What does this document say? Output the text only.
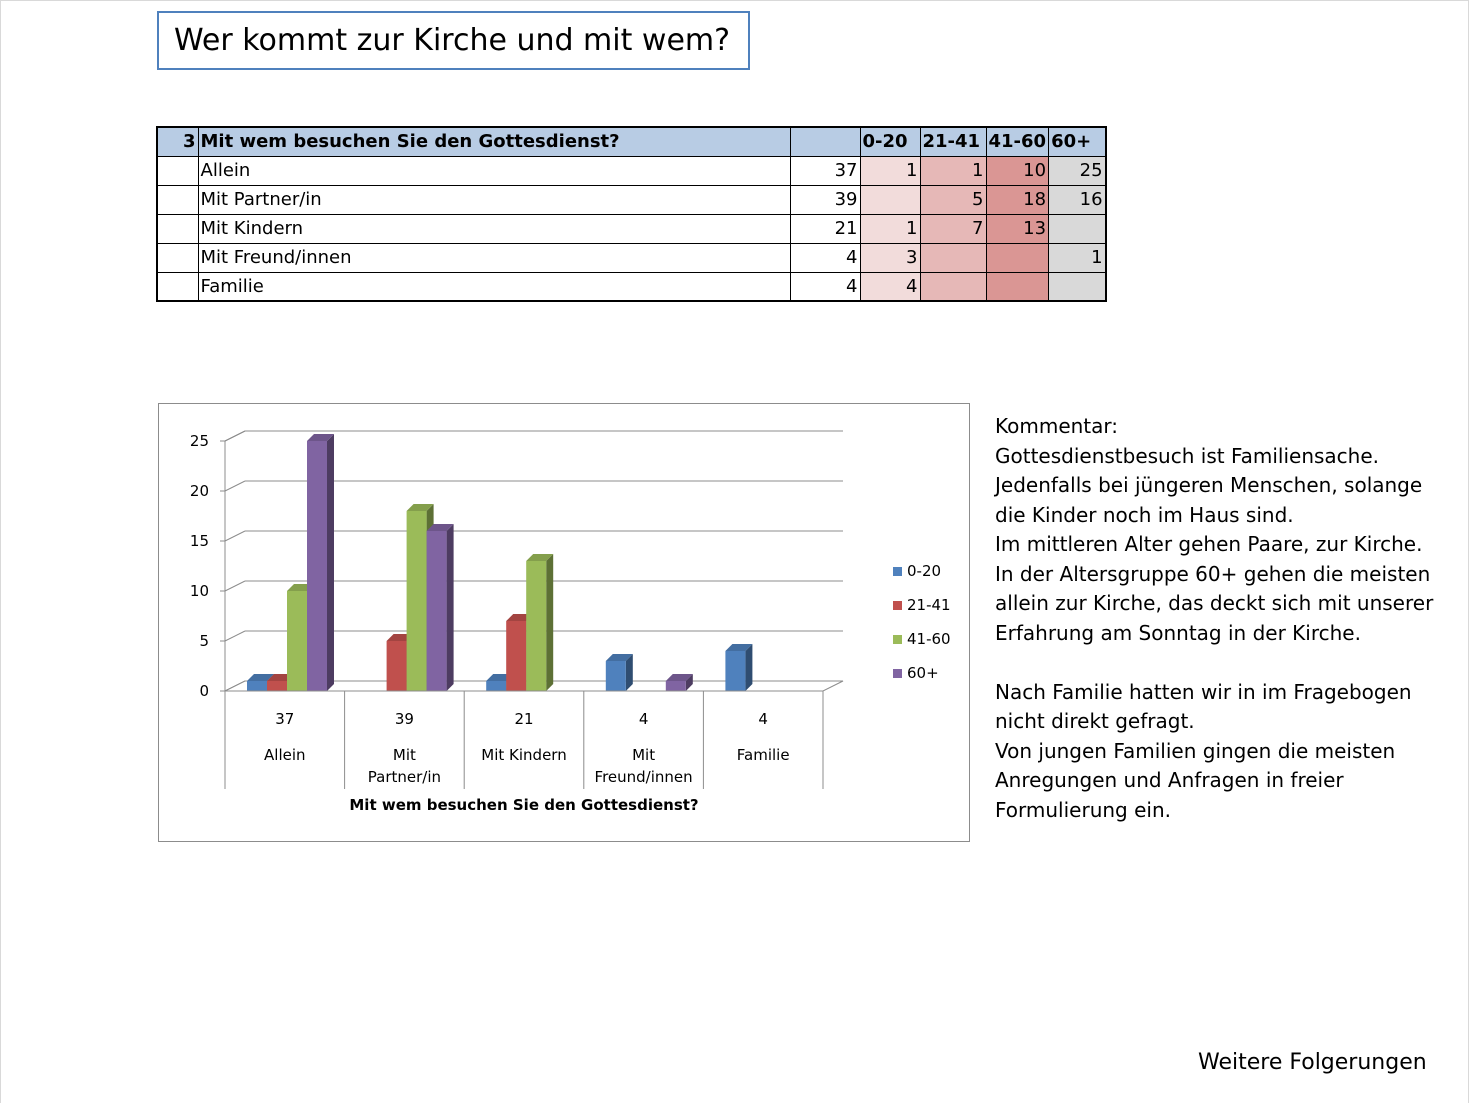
Wer kommt zur Kirche und mit wem?
3	Mit wem besuchen Sie den Gottesdienst?		0-20	21-41	41-60	60+
	Allein	37	1	1	10	25
	Mit Partner/in	39		5	18	16
	Mit Kindern	21	1	7	13	
	Mit Freund/innen	4	3			1
	Familie	4	4			
0
5
10
15
20
25
37
Allein
39
Mit
Partner/in
21
Mit Kindern
4
Mit
Freund/innen
4
Familie
Mit wem besuchen Sie den Gottesdienst?
0-20
21-41
41-60
60+
Kommentar:
Gottesdienstbesuch ist Familiensache.
Jedenfalls bei jüngeren Menschen, solange
die Kinder noch im Haus sind.
Im mittleren Alter gehen Paare, zur Kirche.
In der Altersgruppe 60+ gehen die meisten
allein zur Kirche, das deckt sich mit unserer
Erfahrung am Sonntag in der Kirche.
Nach Familie hatten wir in im Fragebogen
nicht direkt gefragt.
Von jungen Familien gingen die meisten
Anregungen und Anfragen in freier
Formulierung ein.
Weitere Folgerungen
